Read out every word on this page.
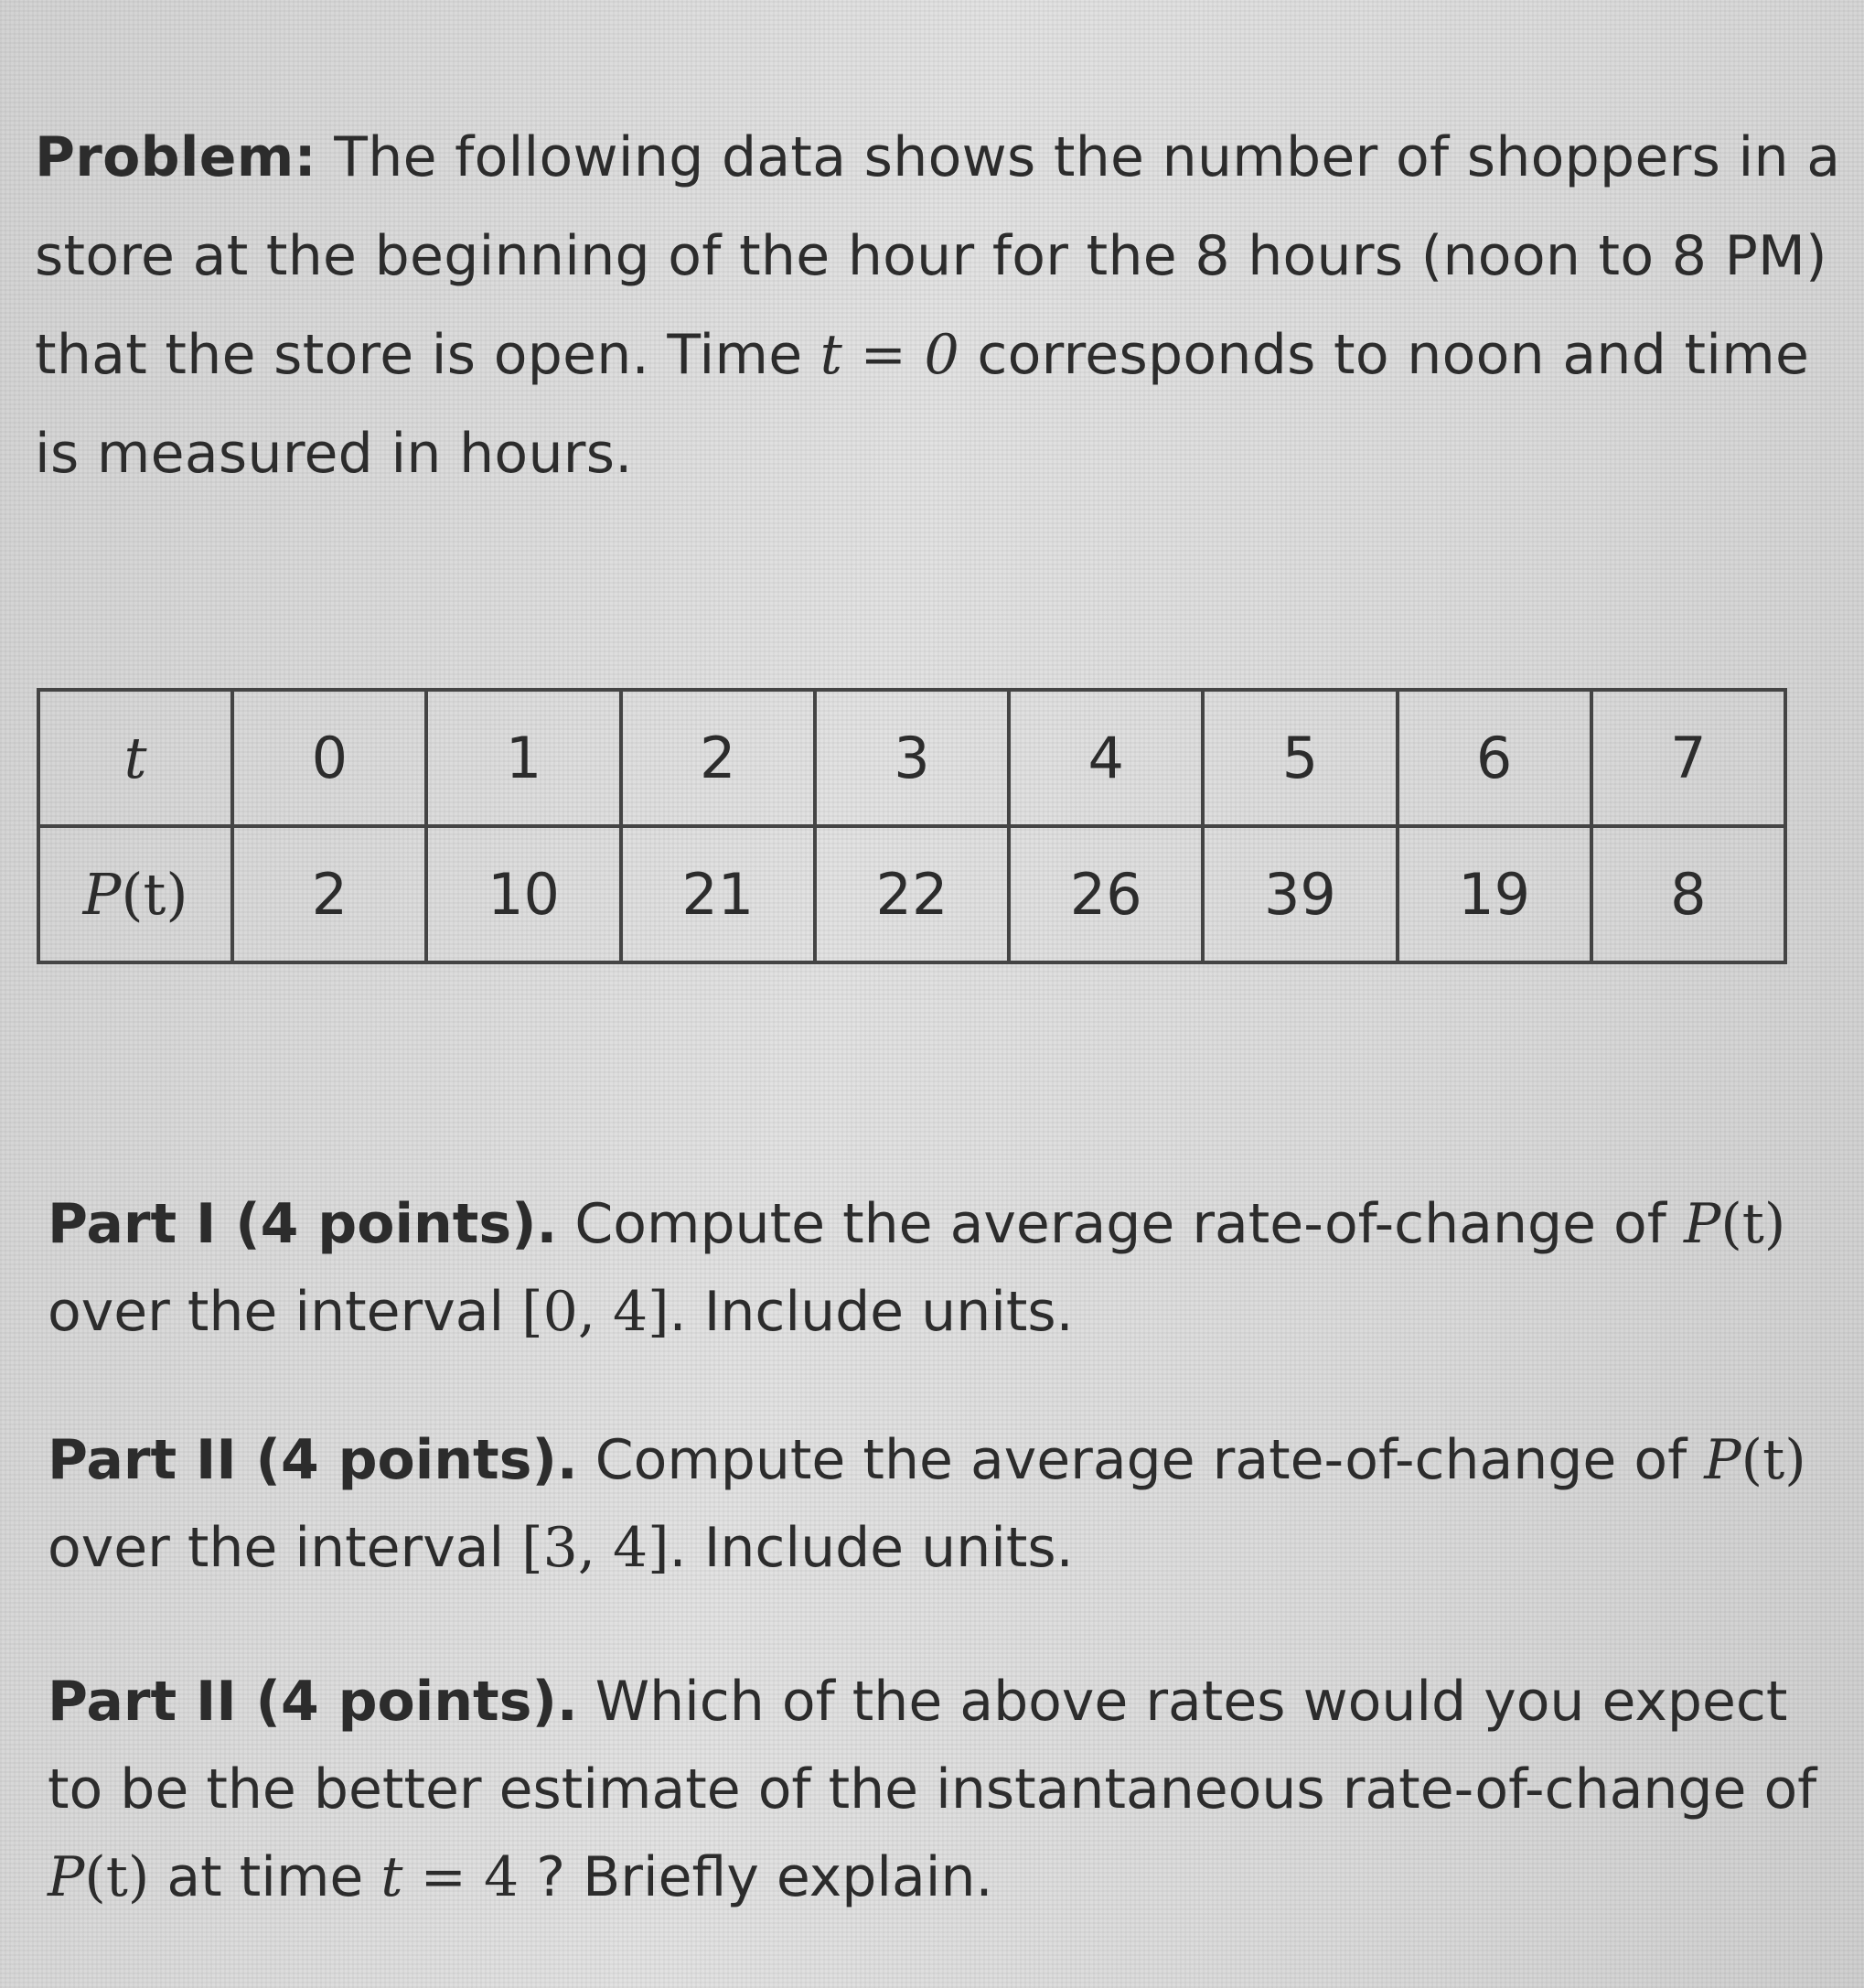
Problem: The following data shows the number of shoppers in a store at the beginning of the hour for the 8 hours (noon to 8 PM) that the store is open. Time t = 0 corresponds to noon and time is measured in hours.
t	0	1	2	3	4	5	6	7
P(t)	2	10	21	22	26	39	19	8
Part I (4 points). Compute the average rate-of-change of P(t) over the interval [0, 4]. Include units.
Part II (4 points). Compute the average rate-of-change of P(t) over the interval [3, 4]. Include units.
Part II (4 points). Which of the above rates would you expect to be the better estimate of the instantaneous rate-of-change of P(t) at time t = 4 ? Briefly explain.
